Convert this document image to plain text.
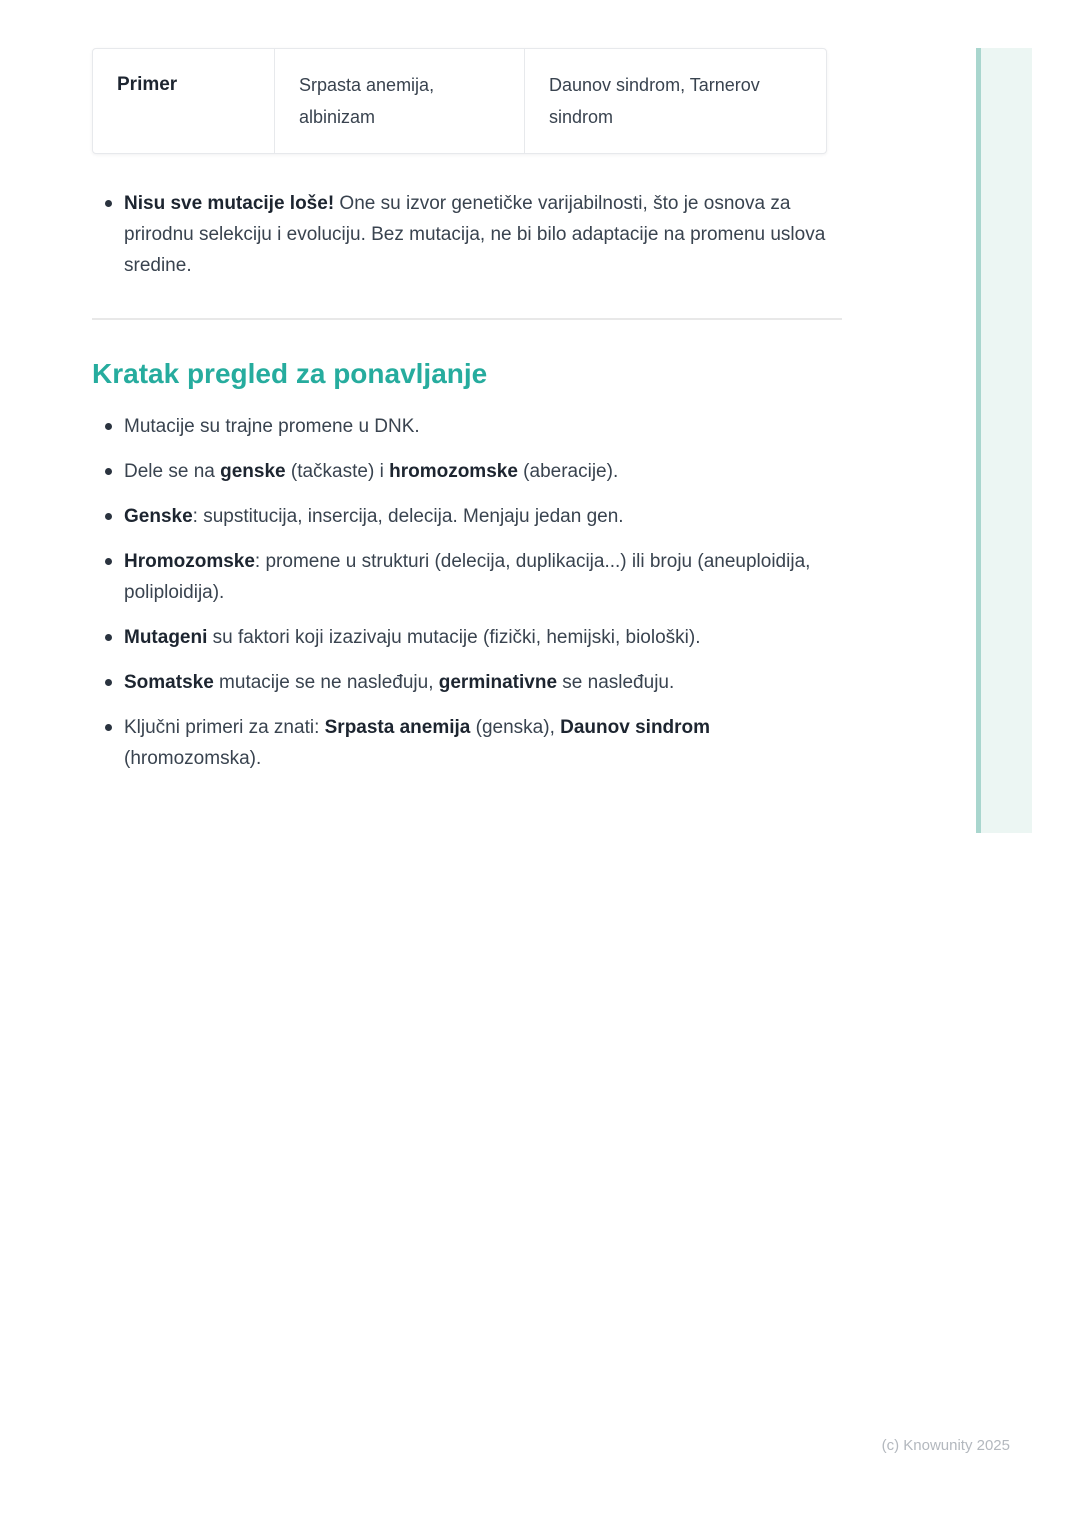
Primer	Srpasta anemija, albinizam
Daunov sindrom, Tarnerov sindrom
Nisu sve mutacije loše! One su izvor genetičke varijabilnosti, što je osnova za prirodnu selekciju i evoluciju. Bez mutacija, ne bi bilo adaptacije na promenu uslova sredine.
Kratak pregled za ponavljanje
Mutacije su trajne promene u DNK.
Dele se na genske (tačkaste) i hromozomske (aberacije).
Genske: supstitucija, insercija, delecija. Menjaju jedan gen.
Hromozomske: promene u strukturi (delecija, duplikacija...) ili broju (aneuploidija, poliploidija).
Mutageni su faktori koji izazivaju mutacije (fizički, hemijski, biološki).
Somatske mutacije se ne nasleđuju, germinativne se nasleđuju.
Ključni primeri za znati: Srpasta anemija (genska), Daunov sindrom (hromozomska).
(c) Knowunity 2025
